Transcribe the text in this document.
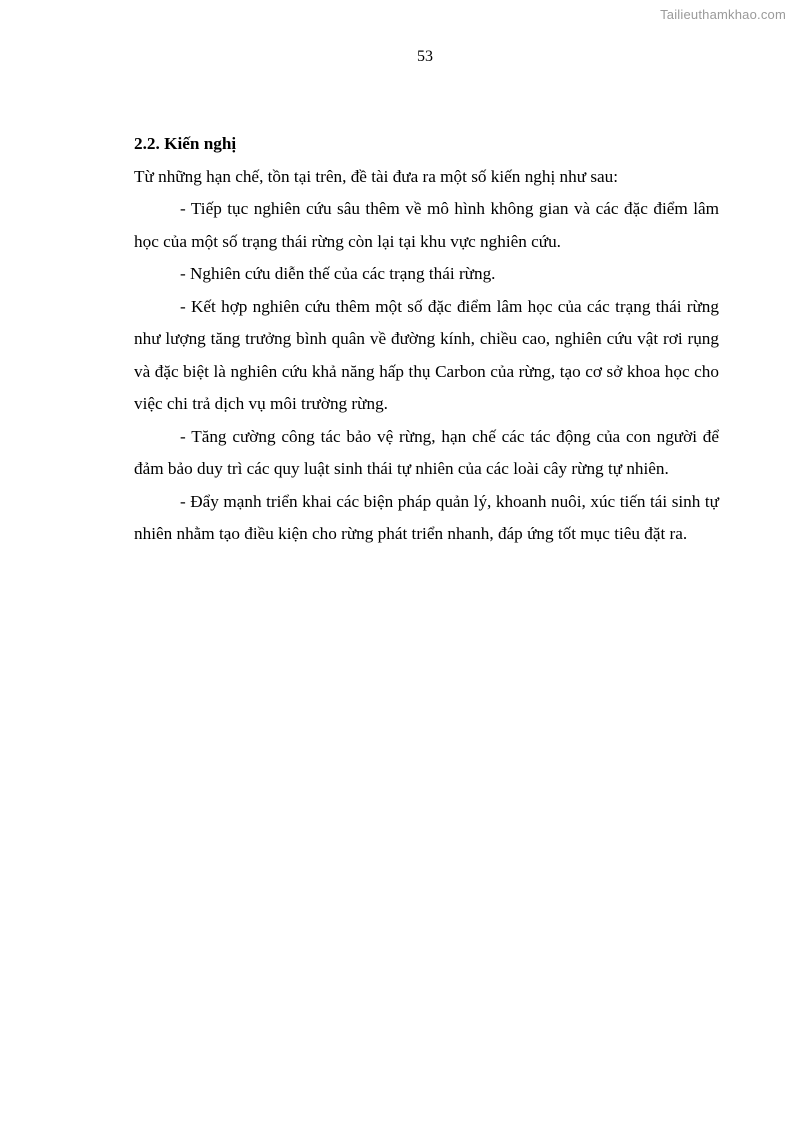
Tailieuthamkhao.com
53

2.2. Kiến nghị

Từ những hạn chế, tồn tại trên, đề tài đưa ra một số kiến nghị như sau:

- Tiếp tục nghiên cứu sâu thêm về mô hình không gian và các đặc điểm lâm học của một số trạng thái rừng còn lại tại khu vực nghiên cứu.

- Nghiên cứu diễn thế của các trạng thái rừng.

- Kết hợp nghiên cứu thêm một số đặc điểm lâm học của các trạng thái rừng như lượng tăng trưởng bình quân về đường kính, chiều cao, nghiên cứu vật rơi rụng và đặc biệt là nghiên cứu khả năng hấp thụ Carbon của rừng, tạo cơ sở khoa học cho việc chi trả dịch vụ môi trường rừng.

- Tăng cường công tác bảo vệ rừng, hạn chế các tác động của con người để đảm bảo duy trì các quy luật sinh thái tự nhiên của các loài cây rừng tự nhiên.

- Đẩy mạnh triển khai các biện pháp quản lý, khoanh nuôi, xúc tiến tái sinh tự nhiên nhằm tạo điều kiện cho rừng phát triển nhanh, đáp ứng tốt mục tiêu đặt ra.
